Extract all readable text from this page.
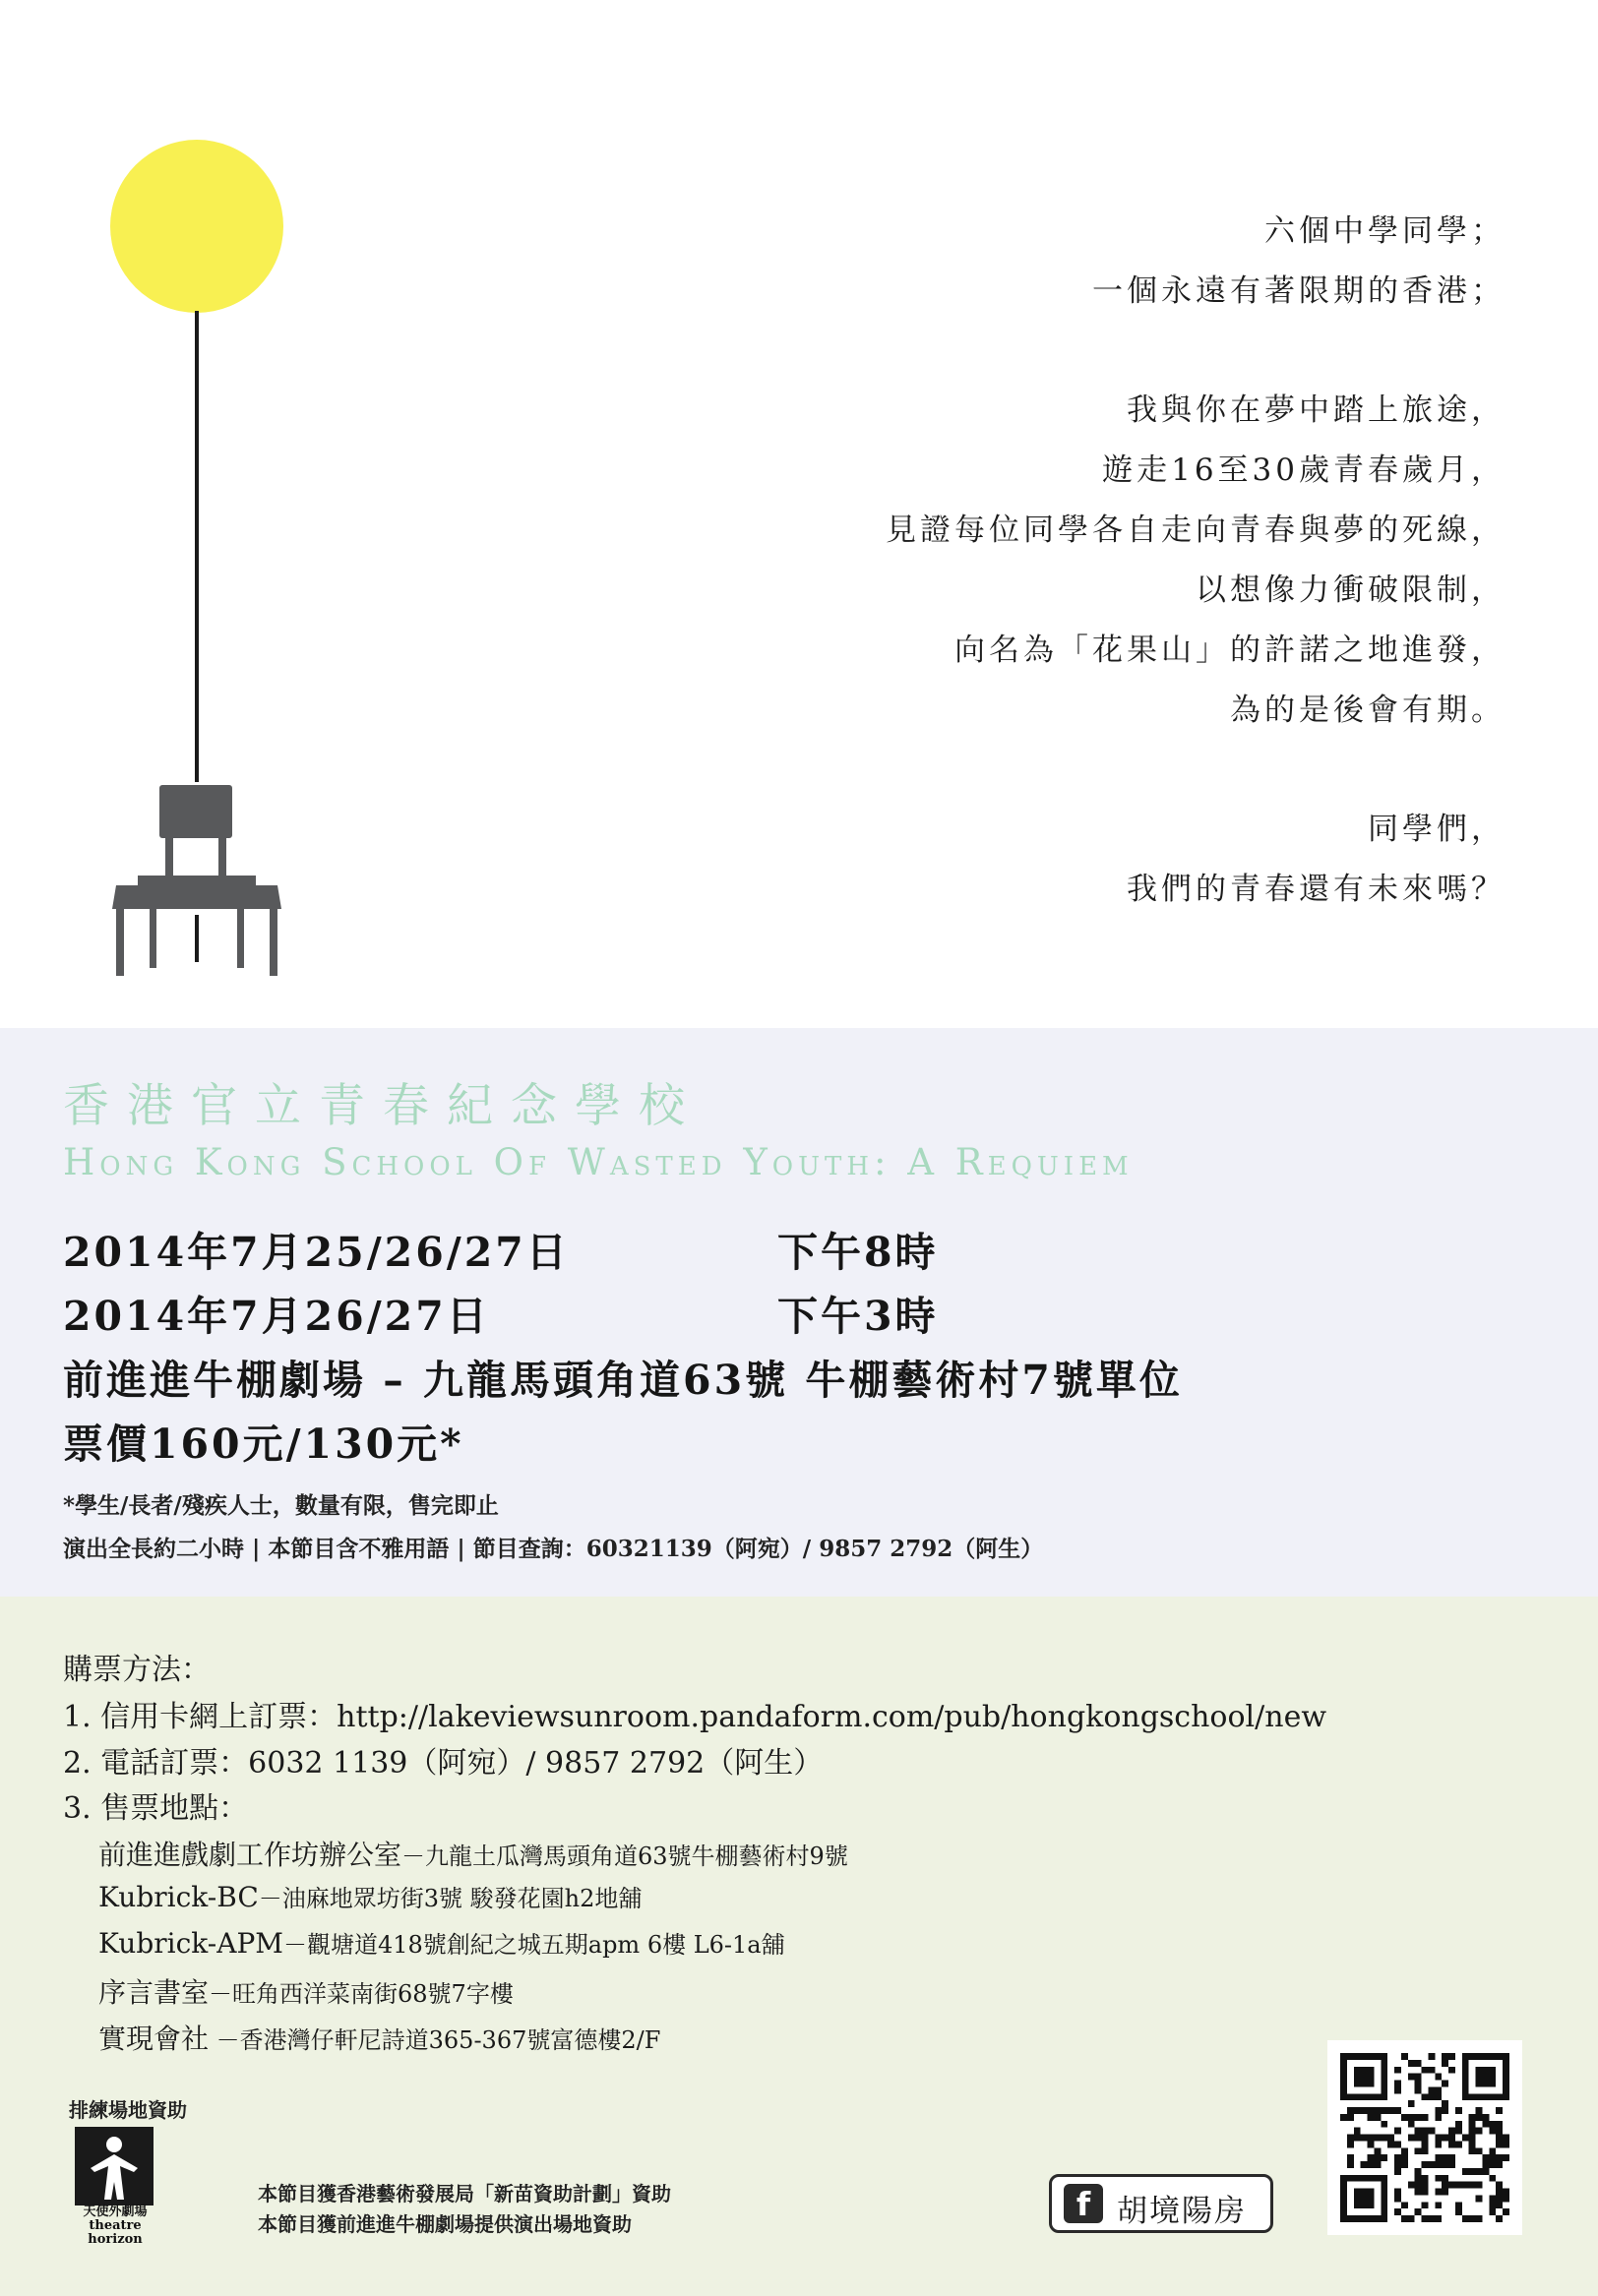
六個中學同學；
一個永遠有著限期的香港；
我與你在夢中踏上旅途，
遊走16至30歲青春歲月，
見證每位同學各自走向青春與夢的死線，
以想像力衝破限制，
向名為「花果山」的許諾之地進發，
為的是後會有期。
同學們，
我們的青春還有未來嗎？
香港官立青春紀念學校
Hong Kong School Of Wasted Youth: A Requiem
2014年7月25/26/27日	下午8時
2014年7月26/27日	下午3時
前進進牛棚劇場 – 九龍馬頭角道63號 牛棚藝術村7號單位
票價160元/130元*
*學生/長者/殘疾人士，數量有限，售完即止
演出全長約二小時 | 本節目含不雅用語 | 節目查詢：60321139（阿宛）/ 9857 2792（阿生）
購票方法：
1. 信用卡網上訂票：http://lakeviewsunroom.pandaform.com/pub/hongkongschool/new
2. 電話訂票：6032 1139（阿宛）/ 9857 2792（阿生）
3. 售票地點：
前進進戲劇工作坊辦公室－九龍土瓜灣馬頭角道63號牛棚藝術村9號
Kubrick-BC－油麻地眾坊街3號 駿發花園h2地舖
Kubrick-APM－觀塘道418號創紀之城五期apm 6樓 L6-1a舖
序言書室－旺角西洋菜南街68號7字樓
實現會社 －香港灣仔軒尼詩道365-367號富德樓2/F
排練場地資助
天使外劇場
theatre horizon
本節目獲香港藝術發展局「新苗資助計劃」資助
本節目獲前進進牛棚劇場提供演出場地資助
f 胡境陽房
